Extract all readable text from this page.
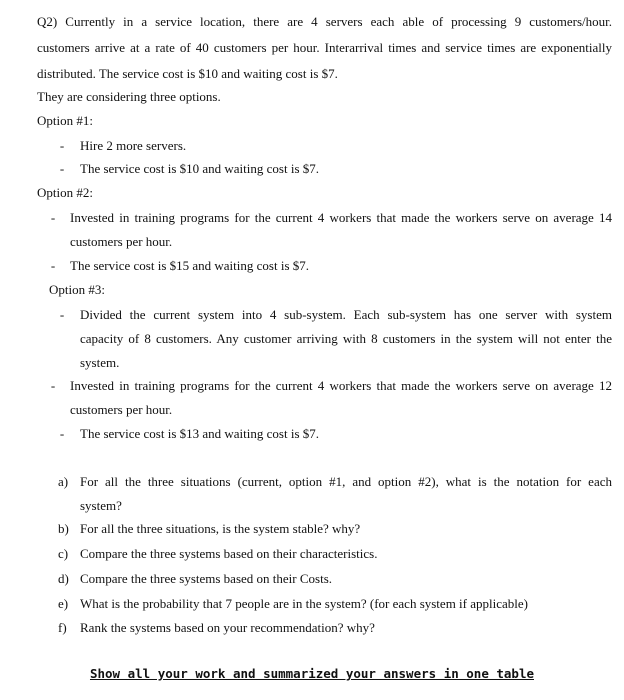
Q2) Currently in a service location, there are 4 servers each able of processing 9 customers/hour.
customers arrive at a rate of 40 customers per hour. Interarrival times and service times are exponentially
distributed. The service cost is $10 and waiting cost is $7.
They are considering three options.
Option #1:
- Hire 2 more servers.
- The service cost is $10 and waiting cost is $7.
Option #2:
- Invested in training programs for the current 4 workers that made the workers serve on average 14
customers per hour.
- The service cost is $15 and waiting cost is $7.
Option #3:
- Divided the current system into 4 sub-system. Each sub-system has one server with system
capacity of 8 customers. Any customer arriving with 8 customers in the system will not enter the
system.
- Invested in training programs for the current 4 workers that made the workers serve on average 12
customers per hour.
- The service cost is $13 and waiting cost is $7.
a) For all the three situations (current, option #1, and option #2), what is the notation for each
system?
b) For all the three situations, is the system stable? why?
c) Compare the three systems based on their characteristics.
d) Compare the three systems based on their Costs.
e) What is the probability that 7 people are in the system? (for each system if applicable)
f) Rank the systems based on your recommendation? why?
Show all your work and summarized your answers in one table
